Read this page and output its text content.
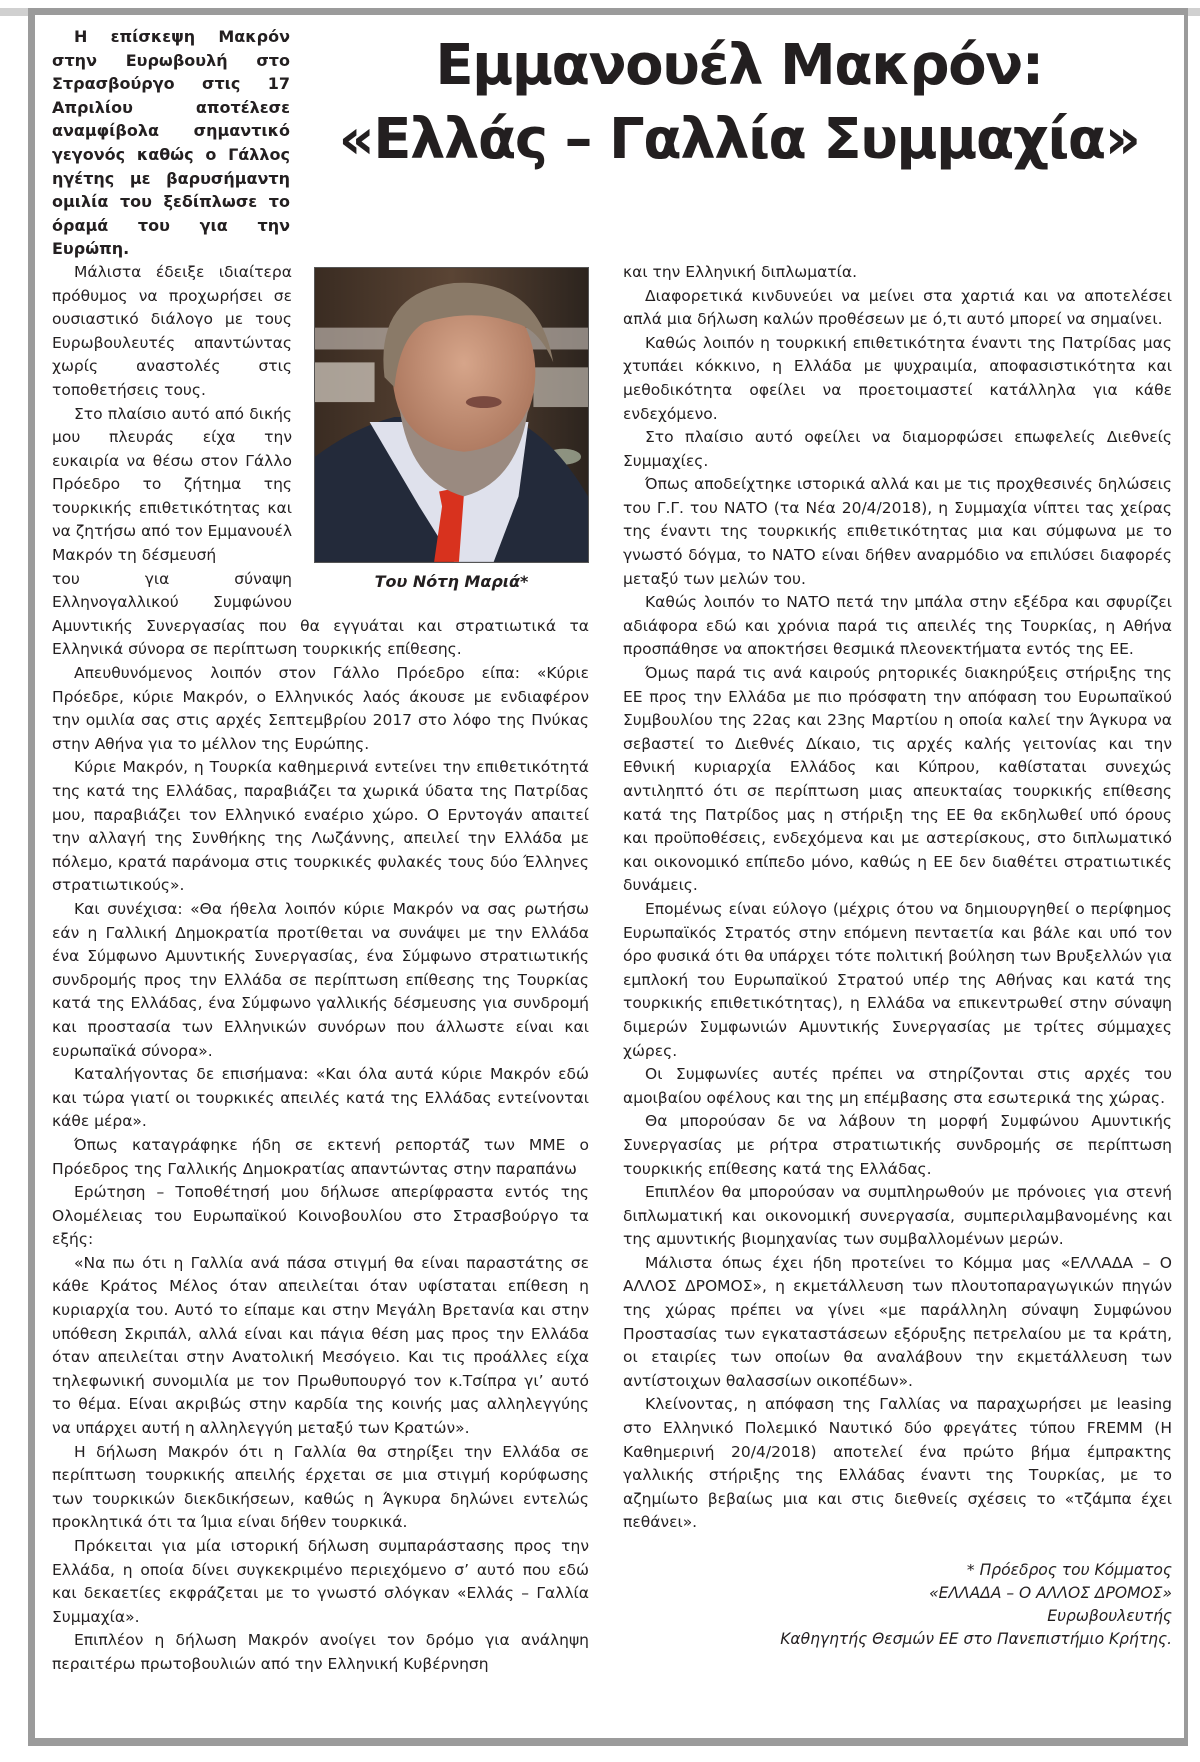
Η επίσκεψη Μακρόν στην Ευρωβουλή στο Στρασβούργο στις 17 Απριλίου αποτέλεσε αναμφίβολα σημαντικό γεγονός καθώς ο Γάλλος ηγέτης με βαρυσήμαντη ομιλία του ξεδίπλωσε το όραμά του για την Ευρώπη.

Εμμανουέλ Μακρόν:
«Ελλάς – Γαλλία Συμμαχία»
Του Νότη Μαριά*

Μάλιστα έδειξε ιδιαίτερα πρόθυμος να προχωρήσει σε ουσιαστικό διάλογο με τους Ευρωβουλευτές απαντώντας χωρίς αναστολές στις τοποθετήσεις τους.

Στο πλαίσιο αυτό από δικής μου πλευράς είχα την ευκαιρία να θέσω στον Γάλλο Πρόεδρο το ζήτημα της τουρκικής επιθετικότητας και να ζητήσω από τον Εμμανουέλ Μακρόν τη δέσμευσή

του για σύναψη Ελληνογαλλικού Συμφώνου Αμυντικής Συνεργασίας που θα εγγυάται και στρατιωτικά τα Ελληνικά σύνορα σε περίπτωση τουρκικής επίθεσης.

Απευθυνόμενος λοιπόν στον Γάλλο Πρόεδρο είπα: «Κύριε Πρόεδρε, κύριε Μακρόν, ο Ελληνικός λαός άκουσε με ενδιαφέρον την ομιλία σας στις αρχές Σεπτεμβρίου 2017 στο λόφο της Πνύκας στην Αθήνα για το μέλλον της Ευρώπης.

Κύριε Μακρόν, η Τουρκία καθημερινά εντείνει την επιθετικότητά της κατά της Ελλάδας, παραβιάζει τα χωρικά ύδατα της Πατρίδας μου, παραβιάζει τον Ελληνικό εναέριο χώρο. Ο Ερντογάν απαιτεί την αλλαγή της Συνθήκης της Λωζάννης, απειλεί την Ελλάδα με πόλεμο, κρατά παράνομα στις τουρκικές φυλακές τους δύο Έλληνες στρατιωτικούς».

Και συνέχισα: «Θα ήθελα λοιπόν κύριε Μακρόν να σας ρωτήσω εάν η Γαλλική Δημοκρατία προτίθεται να συνάψει με την Ελλάδα ένα Σύμφωνο Αμυντικής Συνεργασίας, ένα Σύμφωνο στρατιωτικής συνδρομής προς την Ελλάδα σε περίπτωση επίθεσης της Τουρκίας κατά της Ελλάδας, ένα Σύμφωνο γαλλικής δέσμευσης για συνδρομή και προστασία των Ελληνικών συνόρων που άλλωστε είναι και ευρωπαϊκά σύνορα».

Καταλήγοντας δε επισήμανα: «Και όλα αυτά κύριε Μακρόν εδώ και τώρα γιατί οι τουρκικές απειλές κατά της Ελλάδας εντείνονται κάθε μέρα».

Όπως καταγράφηκε ήδη σε εκτενή ρεπορτάζ των ΜΜΕ ο Πρόεδρος της Γαλλικής Δημοκρατίας απαντώντας στην παραπάνω

Ερώτηση – Τοποθέτησή μου δήλωσε απερίφραστα εντός της Ολομέλειας του Ευρωπαϊκού Κοινοβουλίου στο Στρασβούργο τα εξής:

«Να πω ότι η Γαλλία ανά πάσα στιγμή θα είναι παραστάτης σε κάθε Κράτος Μέλος όταν απειλείται όταν υφίσταται επίθεση η κυριαρχία του. Αυτό το είπαμε και στην Μεγάλη Βρετανία και στην υπόθεση Σκριπάλ, αλλά είναι και πάγια θέση μας προς την Ελλάδα όταν απειλείται στην Ανατολική Μεσόγειο. Και τις προάλλες είχα τηλεφωνική συνομιλία με τον Πρωθυπουργό τον κ.Τσίπρα γι’ αυτό το θέμα. Είναι ακριβώς στην καρδία της κοινής μας αλληλεγγύης να υπάρχει αυτή η αλληλεγγύη μεταξύ των Κρατών».

Η δήλωση Μακρόν ότι η Γαλλία θα στηρίξει την Ελλάδα σε περίπτωση τουρκικής απειλής έρχεται σε μια στιγμή κορύφωσης των τουρκικών διεκδικήσεων, καθώς η Άγκυρα δηλώνει εντελώς προκλητικά ότι τα Ίμια είναι δήθεν τουρκικά.

Πρόκειται για μία ιστορική δήλωση συμπαράστασης προς την Ελλάδα, η οποία δίνει συγκεκριμένο περιεχόμενο σ’ αυτό που εδώ και δεκαετίες εκφράζεται με το γνωστό σλόγκαν «Ελλάς – Γαλλία Συμμαχία».

Επιπλέον η δήλωση Μακρόν ανοίγει τον δρόμο για ανάληψη περαιτέρω πρωτοβουλιών από την Ελληνική Κυβέρνηση

και την Ελληνική διπλωματία.

Διαφορετικά κινδυνεύει να μείνει στα χαρτιά και να αποτελέσει απλά μια δήλωση καλών προθέσεων με ό,τι αυτό μπορεί να σημαίνει.

Καθώς λοιπόν η τουρκική επιθετικότητα έναντι της Πατρίδας μας χτυπάει κόκκινο, η Ελλάδα με ψυχραιμία, αποφασιστικότητα και μεθοδικότητα οφείλει να προετοιμαστεί κατάλληλα για κάθε ενδεχόμενο.

Στο πλαίσιο αυτό οφείλει να διαμορφώσει επωφελείς Διεθνείς Συμμαχίες.

Όπως αποδείχτηκε ιστορικά αλλά και με τις προχθεσινές δηλώσεις του Γ.Γ. του ΝΑΤΟ (τα Νέα 20/4/2018), η Συμμαχία νίπτει τας χείρας της έναντι της τουρκικής επιθετικότητας μια και σύμφωνα με το γνωστό δόγμα, το ΝΑΤΟ είναι δήθεν αναρμόδιο να επιλύσει διαφορές μεταξύ των μελών του.

Καθώς λοιπόν το ΝΑΤΟ πετά την μπάλα στην εξέδρα και σφυρίζει αδιάφορα εδώ και χρόνια παρά τις απειλές της Τουρκίας, η Αθήνα προσπάθησε να αποκτήσει θεσμικά πλεονεκτήματα εντός της ΕΕ.

Όμως παρά τις ανά καιρούς ρητορικές διακηρύξεις στήριξης της ΕΕ προς την Ελλάδα με πιο πρόσφατη την απόφαση του Ευρωπαϊκού Συμβουλίου της 22ας και 23ης Μαρτίου η οποία καλεί την Άγκυρα να σεβαστεί το Διεθνές Δίκαιο, τις αρχές καλής γειτονίας και την Εθνική κυριαρχία Ελλάδος και Κύπρου, καθίσταται συνεχώς αντιληπτό ότι σε περίπτωση μιας απευκταίας τουρκικής επίθεσης κατά της Πατρίδος μας η στήριξη της ΕΕ θα εκδηλωθεί υπό όρους και προϋποθέσεις, ενδεχόμενα και με αστερίσκους, στο διπλωματικό και οικονομικό επίπεδο μόνο, καθώς η ΕΕ δεν διαθέτει στρατιωτικές δυνάμεις.

Επομένως είναι εύλογο (μέχρις ότου να δημιουργηθεί ο περίφημος Ευρωπαϊκός Στρατός στην επόμενη πενταετία και βάλε και υπό τον όρο φυσικά ότι θα υπάρχει τότε πολιτική βούληση των Βρυξελλών για εμπλοκή του Ευρωπαϊκού Στρατού υπέρ της Αθήνας και κατά της τουρκικής επιθετικότητας), η Ελλάδα να επικεντρωθεί στην σύναψη διμερών Συμφωνιών Αμυντικής Συνεργασίας με τρίτες σύμμαχες χώρες.

Οι Συμφωνίες αυτές πρέπει να στηρίζονται στις αρχές του αμοιβαίου οφέλους και της μη επέμβασης στα εσωτερικά της χώρας.

Θα μπορούσαν δε να λάβουν τη μορφή Συμφώνου Αμυντικής Συνεργασίας με ρήτρα στρατιωτικής συνδρομής σε περίπτωση τουρκικής επίθεσης κατά της Ελλάδας.

Επιπλέον θα μπορούσαν να συμπληρωθούν με πρόνοιες για στενή διπλωματική και οικονομική συνεργασία, συμπεριλαμβανομένης και της αμυντικής βιομηχανίας των συμβαλλομένων μερών.

Μάλιστα όπως έχει ήδη προτείνει το Κόμμα μας «ΕΛΛΑΔΑ – Ο ΑΛΛΟΣ ΔΡΟΜΟΣ», η εκμετάλλευση των πλουτοπαραγωγικών πηγών της χώρας πρέπει να γίνει «με παράλληλη σύναψη Συμφώνου Προστασίας των εγκαταστάσεων εξόρυξης πετρελαίου με τα κράτη, οι εταιρίες των οποίων θα αναλάβουν την εκμετάλλευση των αντίστοιχων θαλασσίων οικοπέδων».

Κλείνοντας, η απόφαση της Γαλλίας να παραχωρήσει με leasing στο Ελληνικό Πολεμικό Ναυτικό δύο φρεγάτες τύπου FREMM (Η Καθημερινή 20/4/2018) αποτελεί ένα πρώτο βήμα έμπρακτης γαλλικής στήριξης της Ελλάδας έναντι της Τουρκίας, με το αζημίωτο βεβαίως μια και στις διεθνείς σχέσεις το «τζάμπα έχει πεθάνει».

* Πρόεδρος του Κόμματος
«ΕΛΛΑΔΑ – Ο ΑΛΛΟΣ ΔΡΟΜΟΣ»
Ευρωβουλευτής
Καθηγητής Θεσμών ΕΕ στο Πανεπιστήμιο Κρήτης.
